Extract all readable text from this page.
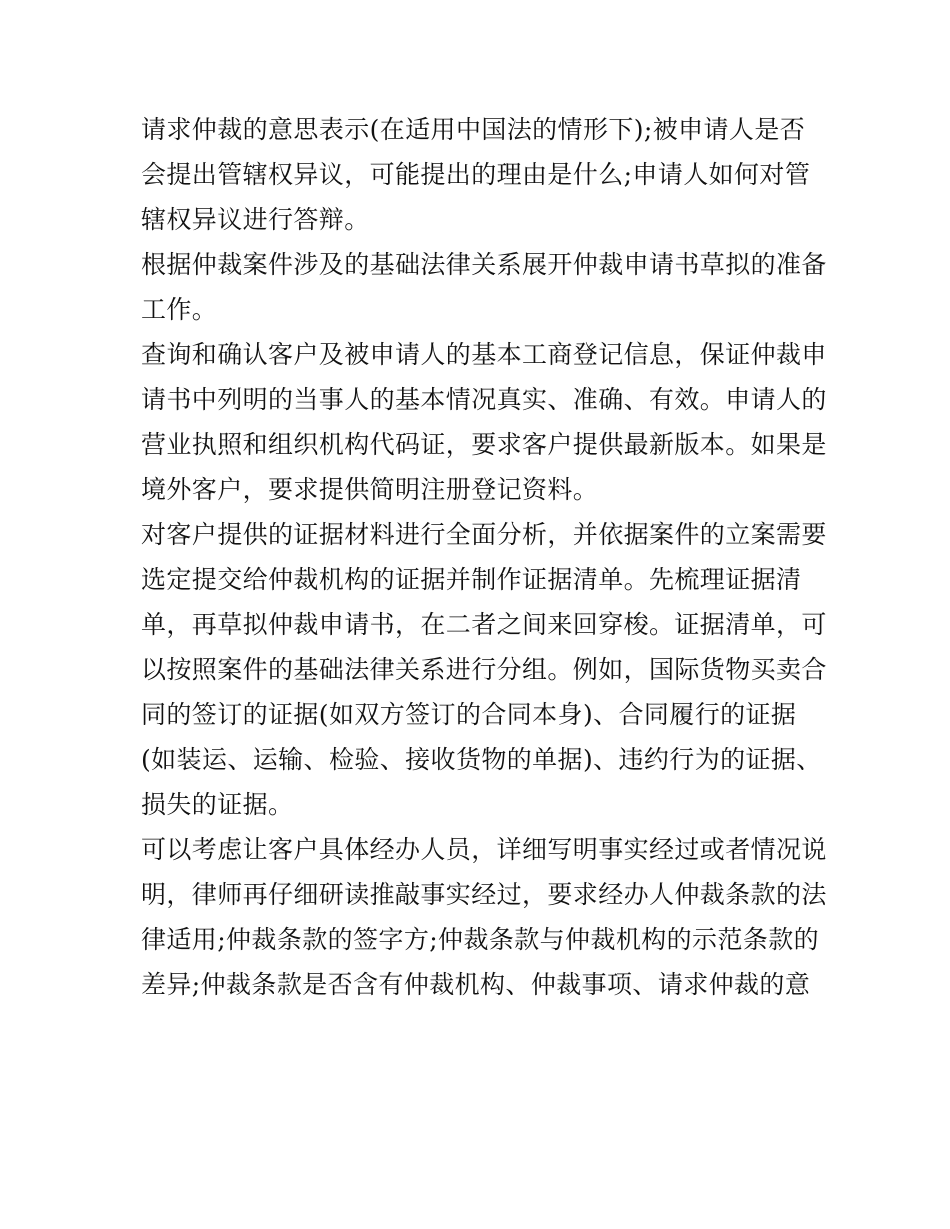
请求仲裁的意思表示(在适用中国法的情形下);被申请人是否
会提出管辖权异议，可能提出的理由是什么;申请人如何对管
辖权异议进行答辩。
根据仲裁案件涉及的基础法律关系展开仲裁申请书草拟的准备
工作。
查询和确认客户及被申请人的基本工商登记信息，保证仲裁申
请书中列明的当事人的基本情况真实、准确、有效。申请人的
营业执照和组织机构代码证，要求客户提供最新版本。如果是
境外客户，要求提供简明注册登记资料。
对客户提供的证据材料进行全面分析，并依据案件的立案需要
选定提交给仲裁机构的证据并制作证据清单。先梳理证据清
单，再草拟仲裁申请书，在二者之间来回穿梭。证据清单，可
以按照案件的基础法律关系进行分组。例如，国际货物买卖合
同的签订的证据(如双方签订的合同本身)、合同履行的证据
(如装运、运输、检验、接收货物的单据)、违约行为的证据、
损失的证据。
可以考虑让客户具体经办人员，详细写明事实经过或者情况说
明，律师再仔细研读推敲事实经过，要求经办人仲裁条款的法
律适用;仲裁条款的签字方;仲裁条款与仲裁机构的示范条款的
差异;仲裁条款是否含有仲裁机构、仲裁事项、请求仲裁的意
